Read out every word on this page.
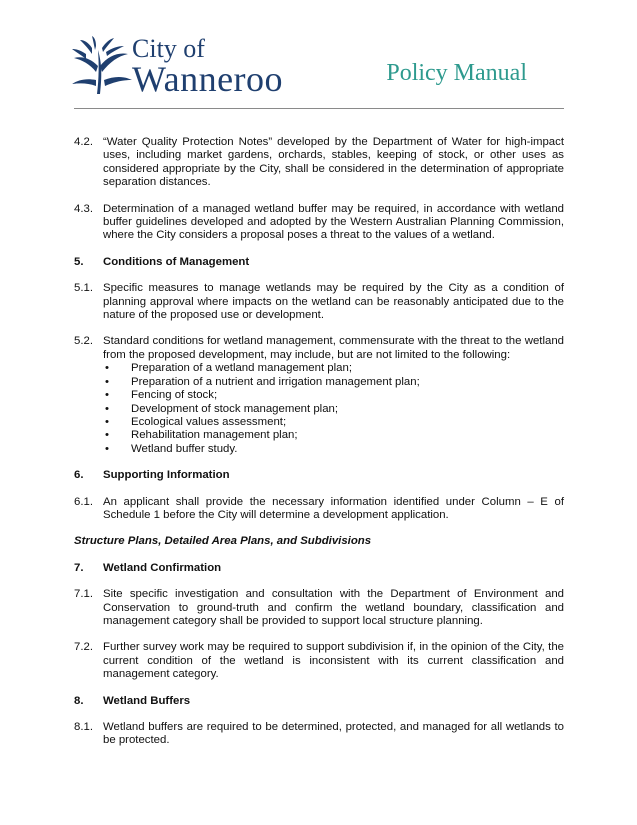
City of
Wanneroo	Policy Manual
4.2. “Water Quality Protection Notes” developed by the Department of Water for high-impact uses, including market gardens, orchards, stables, keeping of stock, or other uses as considered appropriate by the City, shall be considered in the determination of appropriate separation distances.
4.3. Determination of a managed wetland buffer may be required, in accordance with wetland buffer guidelines developed and adopted by the Western Australian Planning Commission, where the City considers a proposal poses a threat to the values of a wetland.
5.	Conditions of Management
5.1. Specific measures to manage wetlands may be required by the City as a condition of planning approval where impacts on the wetland can be reasonably anticipated due to the nature of the proposed use or development.
5.2. Standard conditions for wetland management, commensurate with the threat to the wetland from the proposed development, may include, but are not limited to the following:
•	Preparation of a wetland management plan;
•	Preparation of a nutrient and irrigation management plan;
•	Fencing of stock;
•	Development of stock management plan;
•	Ecological values assessment;
•	Rehabilitation management plan;
•	Wetland buffer study.
6.	Supporting Information
6.1. An applicant shall provide the necessary information identified under Column – E of Schedule 1 before the City will determine a development application.
Structure Plans, Detailed Area Plans, and Subdivisions
7.	Wetland Confirmation
7.1. Site specific investigation and consultation with the Department of Environment and Conservation to ground-truth and confirm the wetland boundary, classification and management category shall be provided to support local structure planning.
7.2. Further survey work may be required to support subdivision if, in the opinion of the City, the current condition of the wetland is inconsistent with its current classification and management category.
8.	Wetland Buffers
8.1. Wetland buffers are required to be determined, protected, and managed for all wetlands to be protected.
